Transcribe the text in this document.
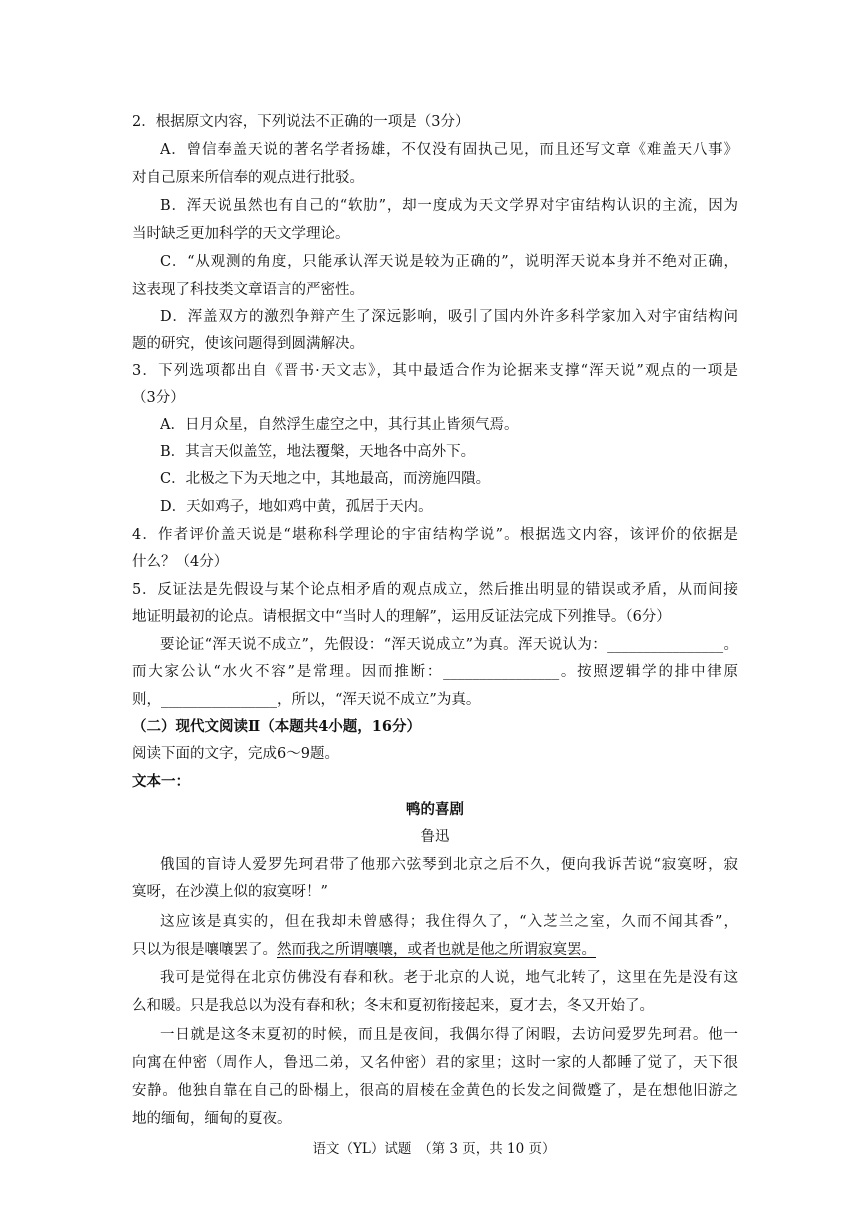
2．根据原文内容，下列说法不正确的一项是（3分）
A．曾信奉盖天说的著名学者扬雄，不仅没有固执己见，而且还写文章《难盖天八事》
对自己原来所信奉的观点进行批驳。
B．浑天说虽然也有自己的“软肋”，却一度成为天文学界对宇宙结构认识的主流，因为
当时缺乏更加科学的天文学理论。
C．“从观测的角度，只能承认浑天说是较为正确的”，说明浑天说本身并不绝对正确，
这表现了科技类文章语言的严密性。
D．浑盖双方的激烈争辩产生了深远影响，吸引了国内外许多科学家加入对宇宙结构问
题的研究，使该问题得到圆满解决。
3．下列选项都出自《晋书·天文志》，其中最适合作为论据来支撑“浑天说”观点的一项是
（3分）
A．日月众星，自然浮生虚空之中，其行其止皆须气焉。
B．其言天似盖笠，地法覆槃，天地各中高外下。
C．北极之下为天地之中，其地最高，而滂施四隤。
D．天如鸡子，地如鸡中黄，孤居于天内。
4．作者评价盖天说是“堪称科学理论的宇宙结构学说”。根据选文内容，该评价的依据是
什么？（4分）
5．反证法是先假设与某个论点相矛盾的观点成立，然后推出明显的错误或矛盾，从而间接
地证明最初的论点。请根据文中“当时人的理解”，运用反证法完成下列推导。（6分）
要论证“浑天说不成立”，先假设：“浑天说成立”为真。浑天说认为：________________。
而大家公认“水火不容”是常理。因而推断：________________。按照逻辑学的排中律原
则，________________，所以，“浑天说不成立”为真。
（二）现代文阅读Ⅱ（本题共4小题，16分）
阅读下面的文字，完成6～9题。
文本一：
鸭的喜剧
鲁迅
俄国的盲诗人爱罗先珂君带了他那六弦琴到北京之后不久，便向我诉苦说“寂寞呀，寂
寞呀，在沙漠上似的寂寞呀！”
这应该是真实的，但在我却未曾感得；我住得久了，“入芝兰之室，久而不闻其香”，
只以为很是嚷嚷罢了。然而我之所谓嚷嚷，或者也就是他之所谓寂寞罢。
我可是觉得在北京仿佛没有春和秋。老于北京的人说，地气北转了，这里在先是没有这
么和暖。只是我总以为没有春和秋；冬末和夏初衔接起来，夏才去，冬又开始了。
一日就是这冬末夏初的时候，而且是夜间，我偶尔得了闲暇，去访问爱罗先珂君。他一
向寓在仲密（周作人，鲁迅二弟，又名仲密）君的家里；这时一家的人都睡了觉了，天下很
安静。他独自靠在自己的卧榻上，很高的眉棱在金黄色的长发之间微蹙了，是在想他旧游之
地的缅甸，缅甸的夏夜。
语文（YL）试题　（第 3 页，共 10 页）
